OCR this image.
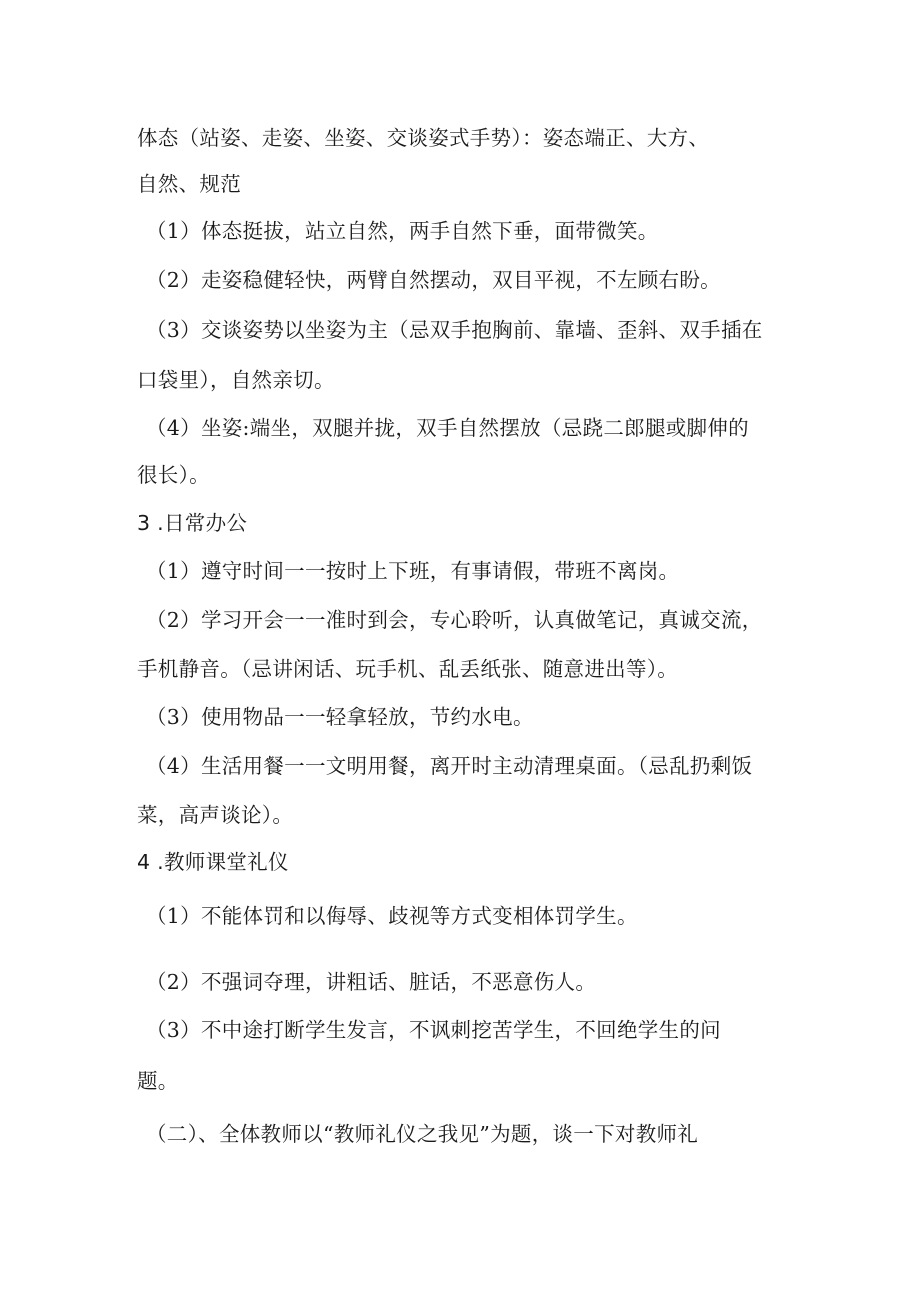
体态（站姿、走姿、坐姿、交谈姿式手势）：姿态端正、大方、
自然、规范
（1）体态挺拔，站立自然，两手自然下垂，面带微笑。
（2）走姿稳健轻快，两臂自然摆动，双目平视，不左顾右盼。
（3）交谈姿势以坐姿为主（忌双手抱胸前、靠墙、歪斜、双手插在
口袋里），自然亲切。
（4）坐姿:端坐，双腿并拢，双手自然摆放（忌跷二郎腿或脚伸的
很长）。
3 .日常办公
（1）遵守时间一一按时上下班，有事请假，带班不离岗。
（2）学习开会一一准时到会，专心聆听，认真做笔记，真诚交流，
手机静音。（忌讲闲话、玩手机、乱丢纸张、随意进出等）。
（3）使用物品一一轻拿轻放，节约水电。
（4）生活用餐一一文明用餐，离开时主动清理桌面。（忌乱扔剩饭
菜，高声谈论）。
4 .教师课堂礼仪
（1）不能体罚和以侮辱、歧视等方式变相体罚学生。
（2）不强词夺理，讲粗话、脏话，不恶意伤人。
（3）不中途打断学生发言，不讽刺挖苦学生，不回绝学生的问
题。
（二）、全体教师以“教师礼仪之我见”为题，谈一下对教师礼
